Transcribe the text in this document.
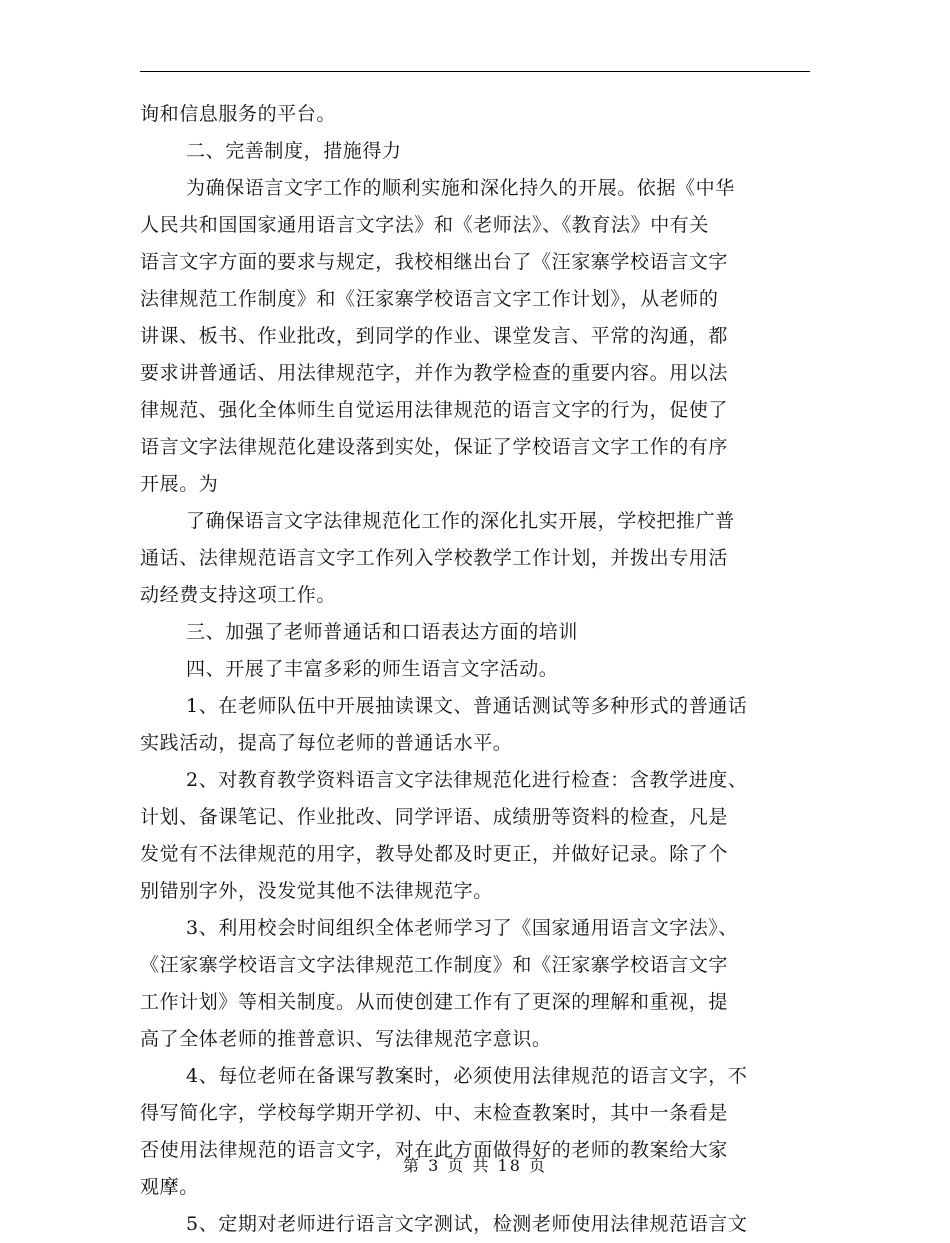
询和信息服务的平台。
二、完善制度，措施得力
为确保语言文字工作的顺利实施和深化持久的开展。依据《中华
人民共和国国家通用语言文字法》和《老师法》、《教育法》中有关
语言文字方面的要求与规定，我校相继出台了《汪家寨学校语言文字
法律规范工作制度》和《汪家寨学校语言文字工作计划》，从老师的
讲课、板书、作业批改，到同学的作业、课堂发言、平常的沟通，都
要求讲普通话、用法律规范字，并作为教学检查的重要内容。用以法
律规范、强化全体师生自觉运用法律规范的语言文字的行为，促使了
语言文字法律规范化建设落到实处，保证了学校语言文字工作的有序
开展。为
了确保语言文字法律规范化工作的深化扎实开展，学校把推广普
通话、法律规范语言文字工作列入学校教学工作计划，并拨出专用活
动经费支持这项工作。
三、加强了老师普通话和口语表达方面的培训
四、开展了丰富多彩的师生语言文字活动。
1、在老师队伍中开展抽读课文、普通话测试等多种形式的普通话
实践活动，提高了每位老师的普通话水平。
2、对教育教学资料语言文字法律规范化进行检查：含教学进度、
计划、备课笔记、作业批改、同学评语、成绩册等资料的检查，凡是
发觉有不法律规范的用字，教导处都及时更正，并做好记录。除了个
别错别字外，没发觉其他不法律规范字。
3、利用校会时间组织全体老师学习了《国家通用语言文字法》、
《汪家寨学校语言文字法律规范工作制度》和《汪家寨学校语言文字
工作计划》等相关制度。从而使创建工作有了更深的理解和重视，提
高了全体老师的推普意识、写法律规范字意识。
4、每位老师在备课写教案时，必须使用法律规范的语言文字，不
得写简化字，学校每学期开学初、中、末检查教案时，其中一条看是
否使用法律规范的语言文字，对在此方面做得好的老师的教案给大家
观摩。
5、定期对老师进行语言文字测试，检测老师使用法律规范语言文
第 3 页 共 18 页
